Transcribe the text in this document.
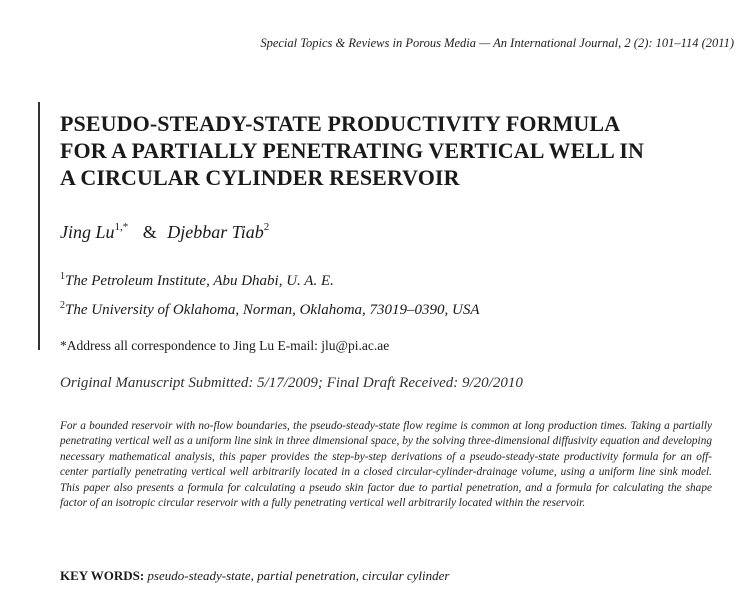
Special Topics & Reviews in Porous Media — An International Journal, 2 (2): 101–114 (2011)
PSEUDO-STEADY-STATE PRODUCTIVITY FORMULA
FOR A PARTIALLY PENETRATING VERTICAL WELL IN
A CIRCULAR CYLINDER RESERVOIR
Jing $Lu^{1,*}$ & Djebbar Tiab$^2$
$^1$The Petroleum Institute, Abu Dhabi, U. A. E.
$^2$The University of Oklahoma, Norman, Oklahoma, 73019–0390, USA
*Address all correspondence to Jing Lu E-mail: jlu@pi.ac.ae
Original Manuscript Submitted: 5/17/2009; Final Draft Received: 9/20/2010

For a bounded reservoir with no-flow boundaries, the pseudo-steady-state flow regime is common at long production times. Taking a partially penetrating vertical well as a uniform line sink in three dimensional space, by the solving three-dimensional diffusivity equation and developing necessary mathematical analysis, this paper provides the step-by-step derivations of a pseudo-steady-state productivity formula for an off-center partially penetrating vertical well arbitrarily located in a closed circular-cylinder-drainage volume, using a uniform line sink model. This paper also presents a formula for calculating a pseudo skin factor due to partial penetration, and a formula for calculating the shape factor of an isotropic circular reservoir with a fully penetrating vertical well arbitrarily located within the reservoir.

KEY WORDS: pseudo-steady-state, partial penetration, circular cylinder
